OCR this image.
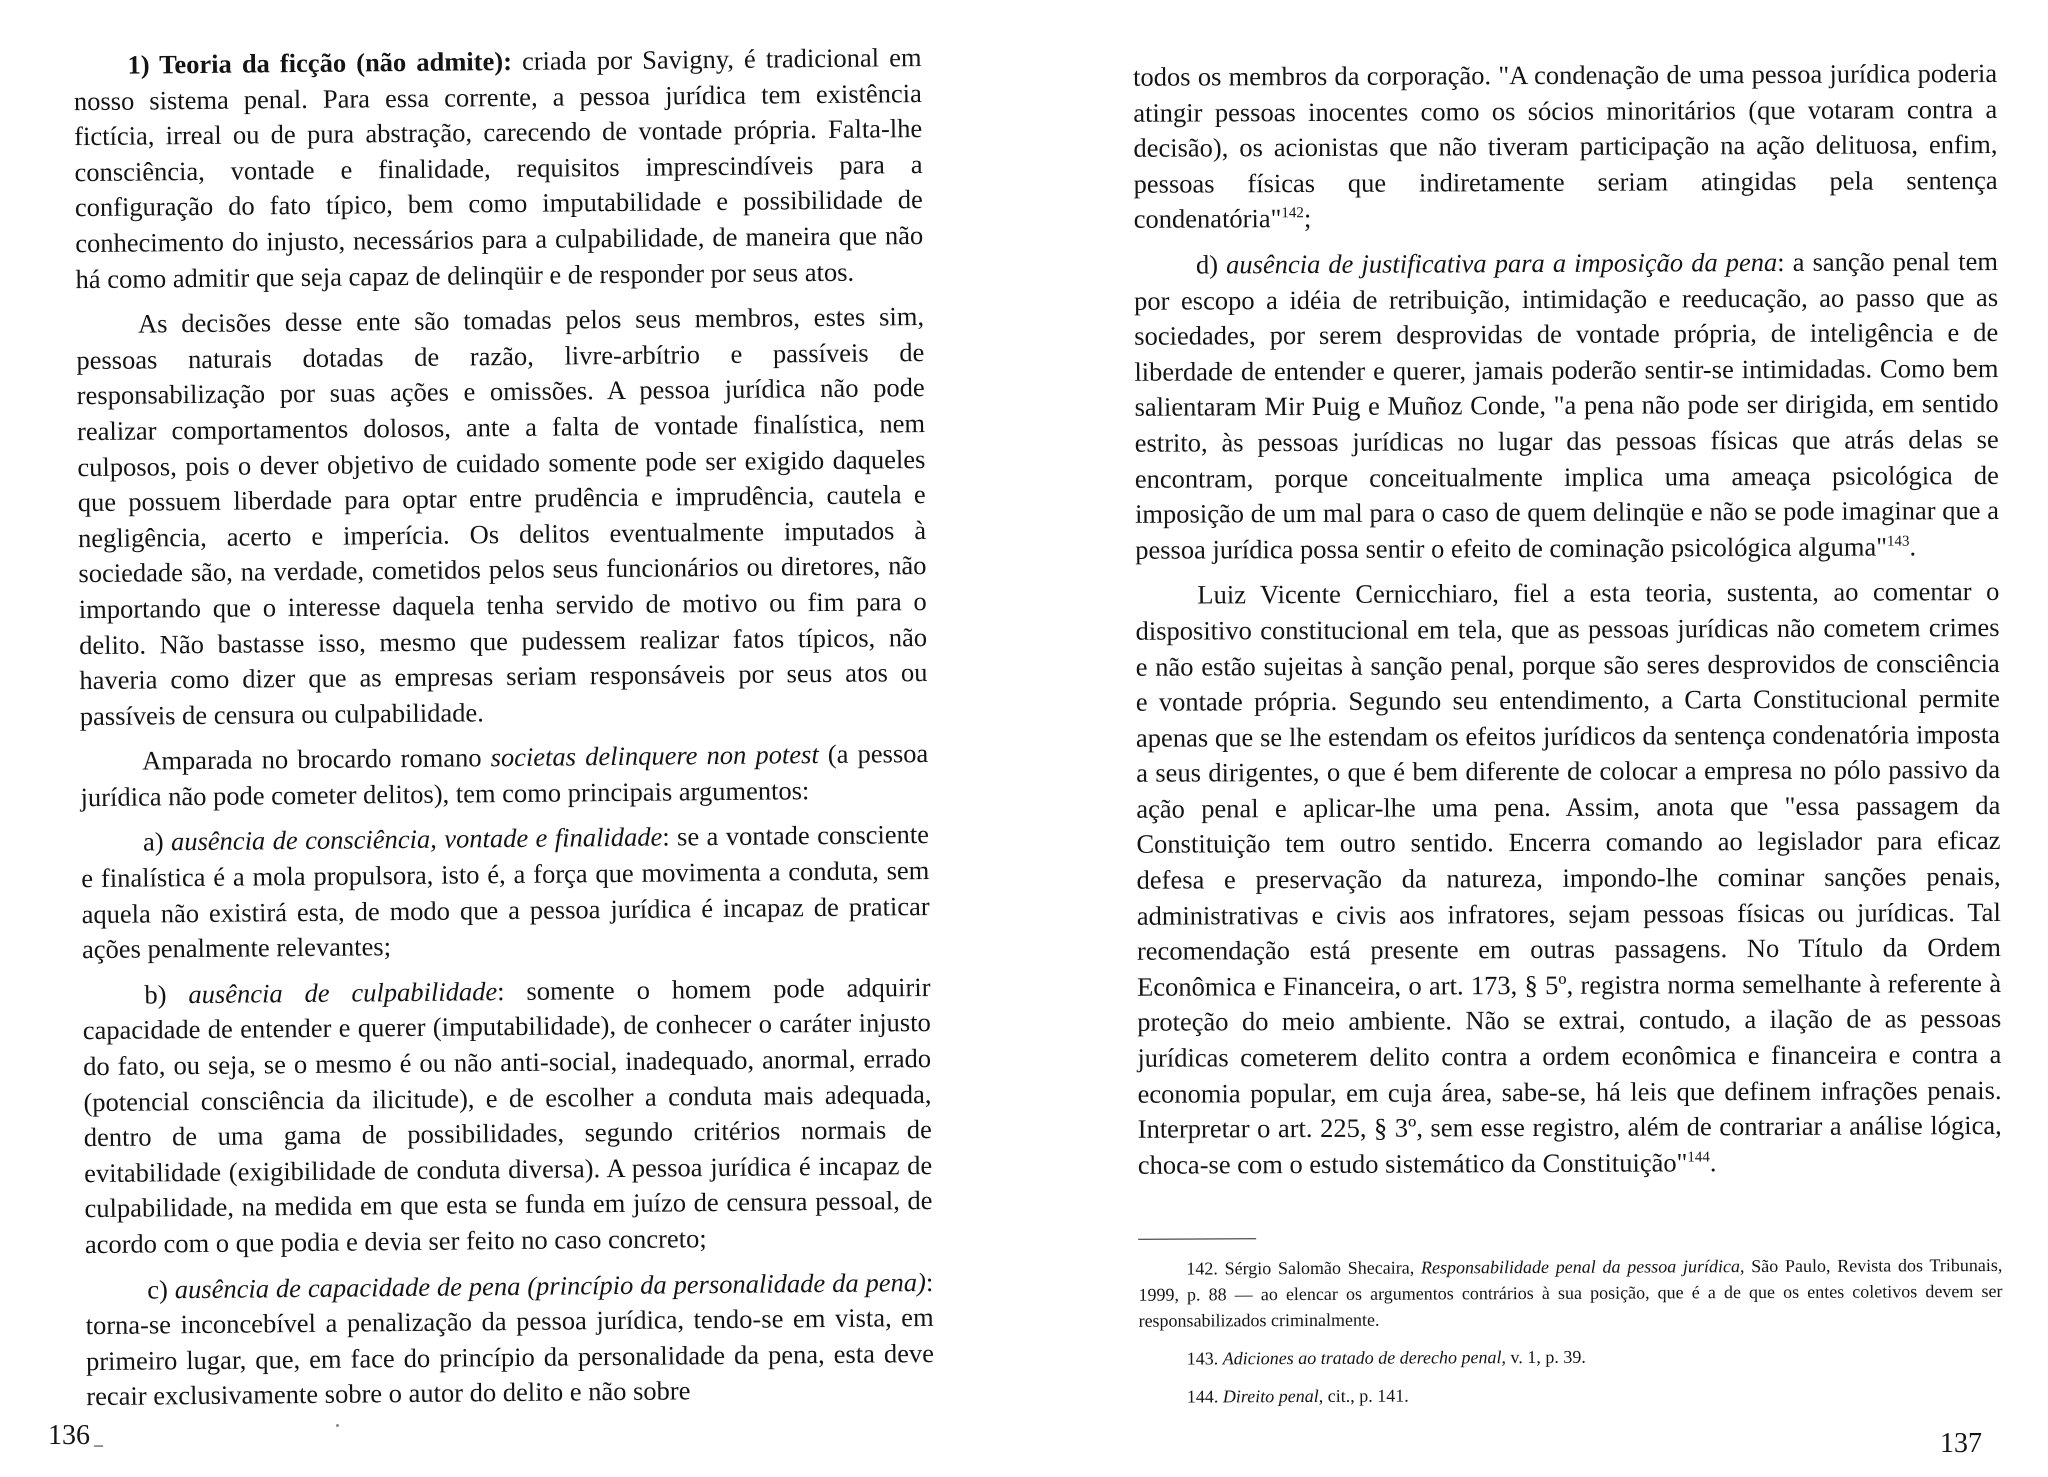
1) Teoria da ficção (não admite): criada por Savigny, é tradicional em nosso sistema penal. Para essa corrente, a pessoa jurídica tem existência fictícia, irreal ou de pura abstração, carecendo de vontade própria. Falta-lhe consciência, vontade e finalidade, requisitos imprescindíveis para a configuração do fato típico, bem como imputabilidade e possibilidade de conhecimento do injusto, necessários para a culpabilidade, de maneira que não há como admitir que seja capaz de delinqüir e de responder por seus atos.

As decisões desse ente são tomadas pelos seus membros, estes sim, pessoas naturais dotadas de razão, livre-arbítrio e passíveis de responsabilização por suas ações e omissões. A pessoa jurídica não pode realizar comportamentos dolosos, ante a falta de vontade finalística, nem culposos, pois o dever objetivo de cuidado somente pode ser exigido daqueles que possuem liberdade para optar entre prudência e imprudência, cautela e negligência, acerto e imperícia. Os delitos eventualmente imputados à sociedade são, na verdade, cometidos pelos seus funcionários ou diretores, não importando que o interesse daquela tenha servido de motivo ou fim para o delito. Não bastasse isso, mesmo que pudessem realizar fatos típicos, não haveria como dizer que as empresas seriam responsáveis por seus atos ou passíveis de censura ou culpabilidade.

Amparada no brocardo romano societas delinquere non potest (a pessoa jurídica não pode cometer delitos), tem como principais argumentos:

a) ausência de consciência, vontade e finalidade: se a vontade consciente e finalística é a mola propulsora, isto é, a força que movimenta a conduta, sem aquela não existirá esta, de modo que a pessoa jurídica é incapaz de praticar ações penalmente relevantes;

b) ausência de culpabilidade: somente o homem pode adquirir capacidade de entender e querer (imputabilidade), de conhecer o caráter injusto do fato, ou seja, se o mesmo é ou não anti-social, inadequado, anormal, errado (potencial consciência da ilicitude), e de escolher a conduta mais adequada, dentro de uma gama de possibilidades, segundo critérios normais de evitabilidade (exigibilidade de conduta diversa). A pessoa jurídica é incapaz de culpabilidade, na medida em que esta se funda em juízo de censura pessoal, de acordo com o que podia e devia ser feito no caso concreto;

c) ausência de capacidade de pena (princípio da personalidade da pena): torna-se inconcebível a penalização da pessoa jurídica, tendo-se em vista, em primeiro lugar, que, em face do princípio da personalidade da pena, esta deve recair exclusivamente sobre o autor do delito e não sobre

todos os membros da corporação. "A condenação de uma pessoa jurídica poderia atingir pessoas inocentes como os sócios minoritários (que votaram contra a decisão), os acionistas que não tiveram participação na ação delituosa, enfim, pessoas físicas que indiretamente seriam atingidas pela sentença condenatória"$^{142}$;

d) ausência de justificativa para a imposição da pena: a sanção penal tem por escopo a idéia de retribuição, intimidação e reeducação, ao passo que as sociedades, por serem desprovidas de vontade própria, de inteligência e de liberdade de entender e querer, jamais poderão sentir-se intimidadas. Como bem salientaram Mir Puig e Muñoz Conde, "a pena não pode ser dirigida, em sentido estrito, às pessoas jurídicas no lugar das pessoas físicas que atrás delas se encontram, porque conceitualmente implica uma ameaça psicológica de imposição de um mal para o caso de quem delinqüe e não se pode imaginar que a pessoa jurídica possa sentir o efeito de cominação psicológica alguma"$^{143}$.

Luiz Vicente Cernicchiaro, fiel a esta teoria, sustenta, ao comentar o dispositivo constitucional em tela, que as pessoas jurídicas não cometem crimes e não estão sujeitas à sanção penal, porque são seres desprovidos de consciência e vontade própria. Segundo seu entendimento, a Carta Constitucional permite apenas que se lhe estendam os efeitos jurídicos da sentença condenatória imposta a seus dirigentes, o que é bem diferente de colocar a empresa no pólo passivo da ação penal e aplicar-lhe uma pena. Assim, anota que "essa passagem da Constituição tem outro sentido. Encerra comando ao legislador para eficaz defesa e preservação da natureza, impondo-lhe cominar sanções penais, administrativas e civis aos infratores, sejam pessoas físicas ou jurídicas. Tal recomendação está presente em outras passagens. No Título da Ordem Econômica e Financeira, o art. 173, § 5º, registra norma semelhante à referente à proteção do meio ambiente. Não se extrai, contudo, a ilação de as pessoas jurídicas cometerem delito contra a ordem econômica e financeira e contra a economia popular, em cuja área, sabe-se, há leis que definem infrações penais. Interpretar o art. 225, § 3º, sem esse registro, além de contrariar a análise lógica, choca-se com o estudo sistemático da Constituição"$^{144}$.

142. Sérgio Salomão Shecaira, Responsabilidade penal da pessoa jurídica, São Paulo, Revista dos Tribunais, 1999, p. 88 — ao elencar os argumentos contrários à sua posição, que é a de que os entes coletivos devem ser responsabilizados criminalmente.

143. Adiciones ao tratado de derecho penal, v. 1, p. 39.

144. Direito penal, cit., p. 141.

136 _	137
